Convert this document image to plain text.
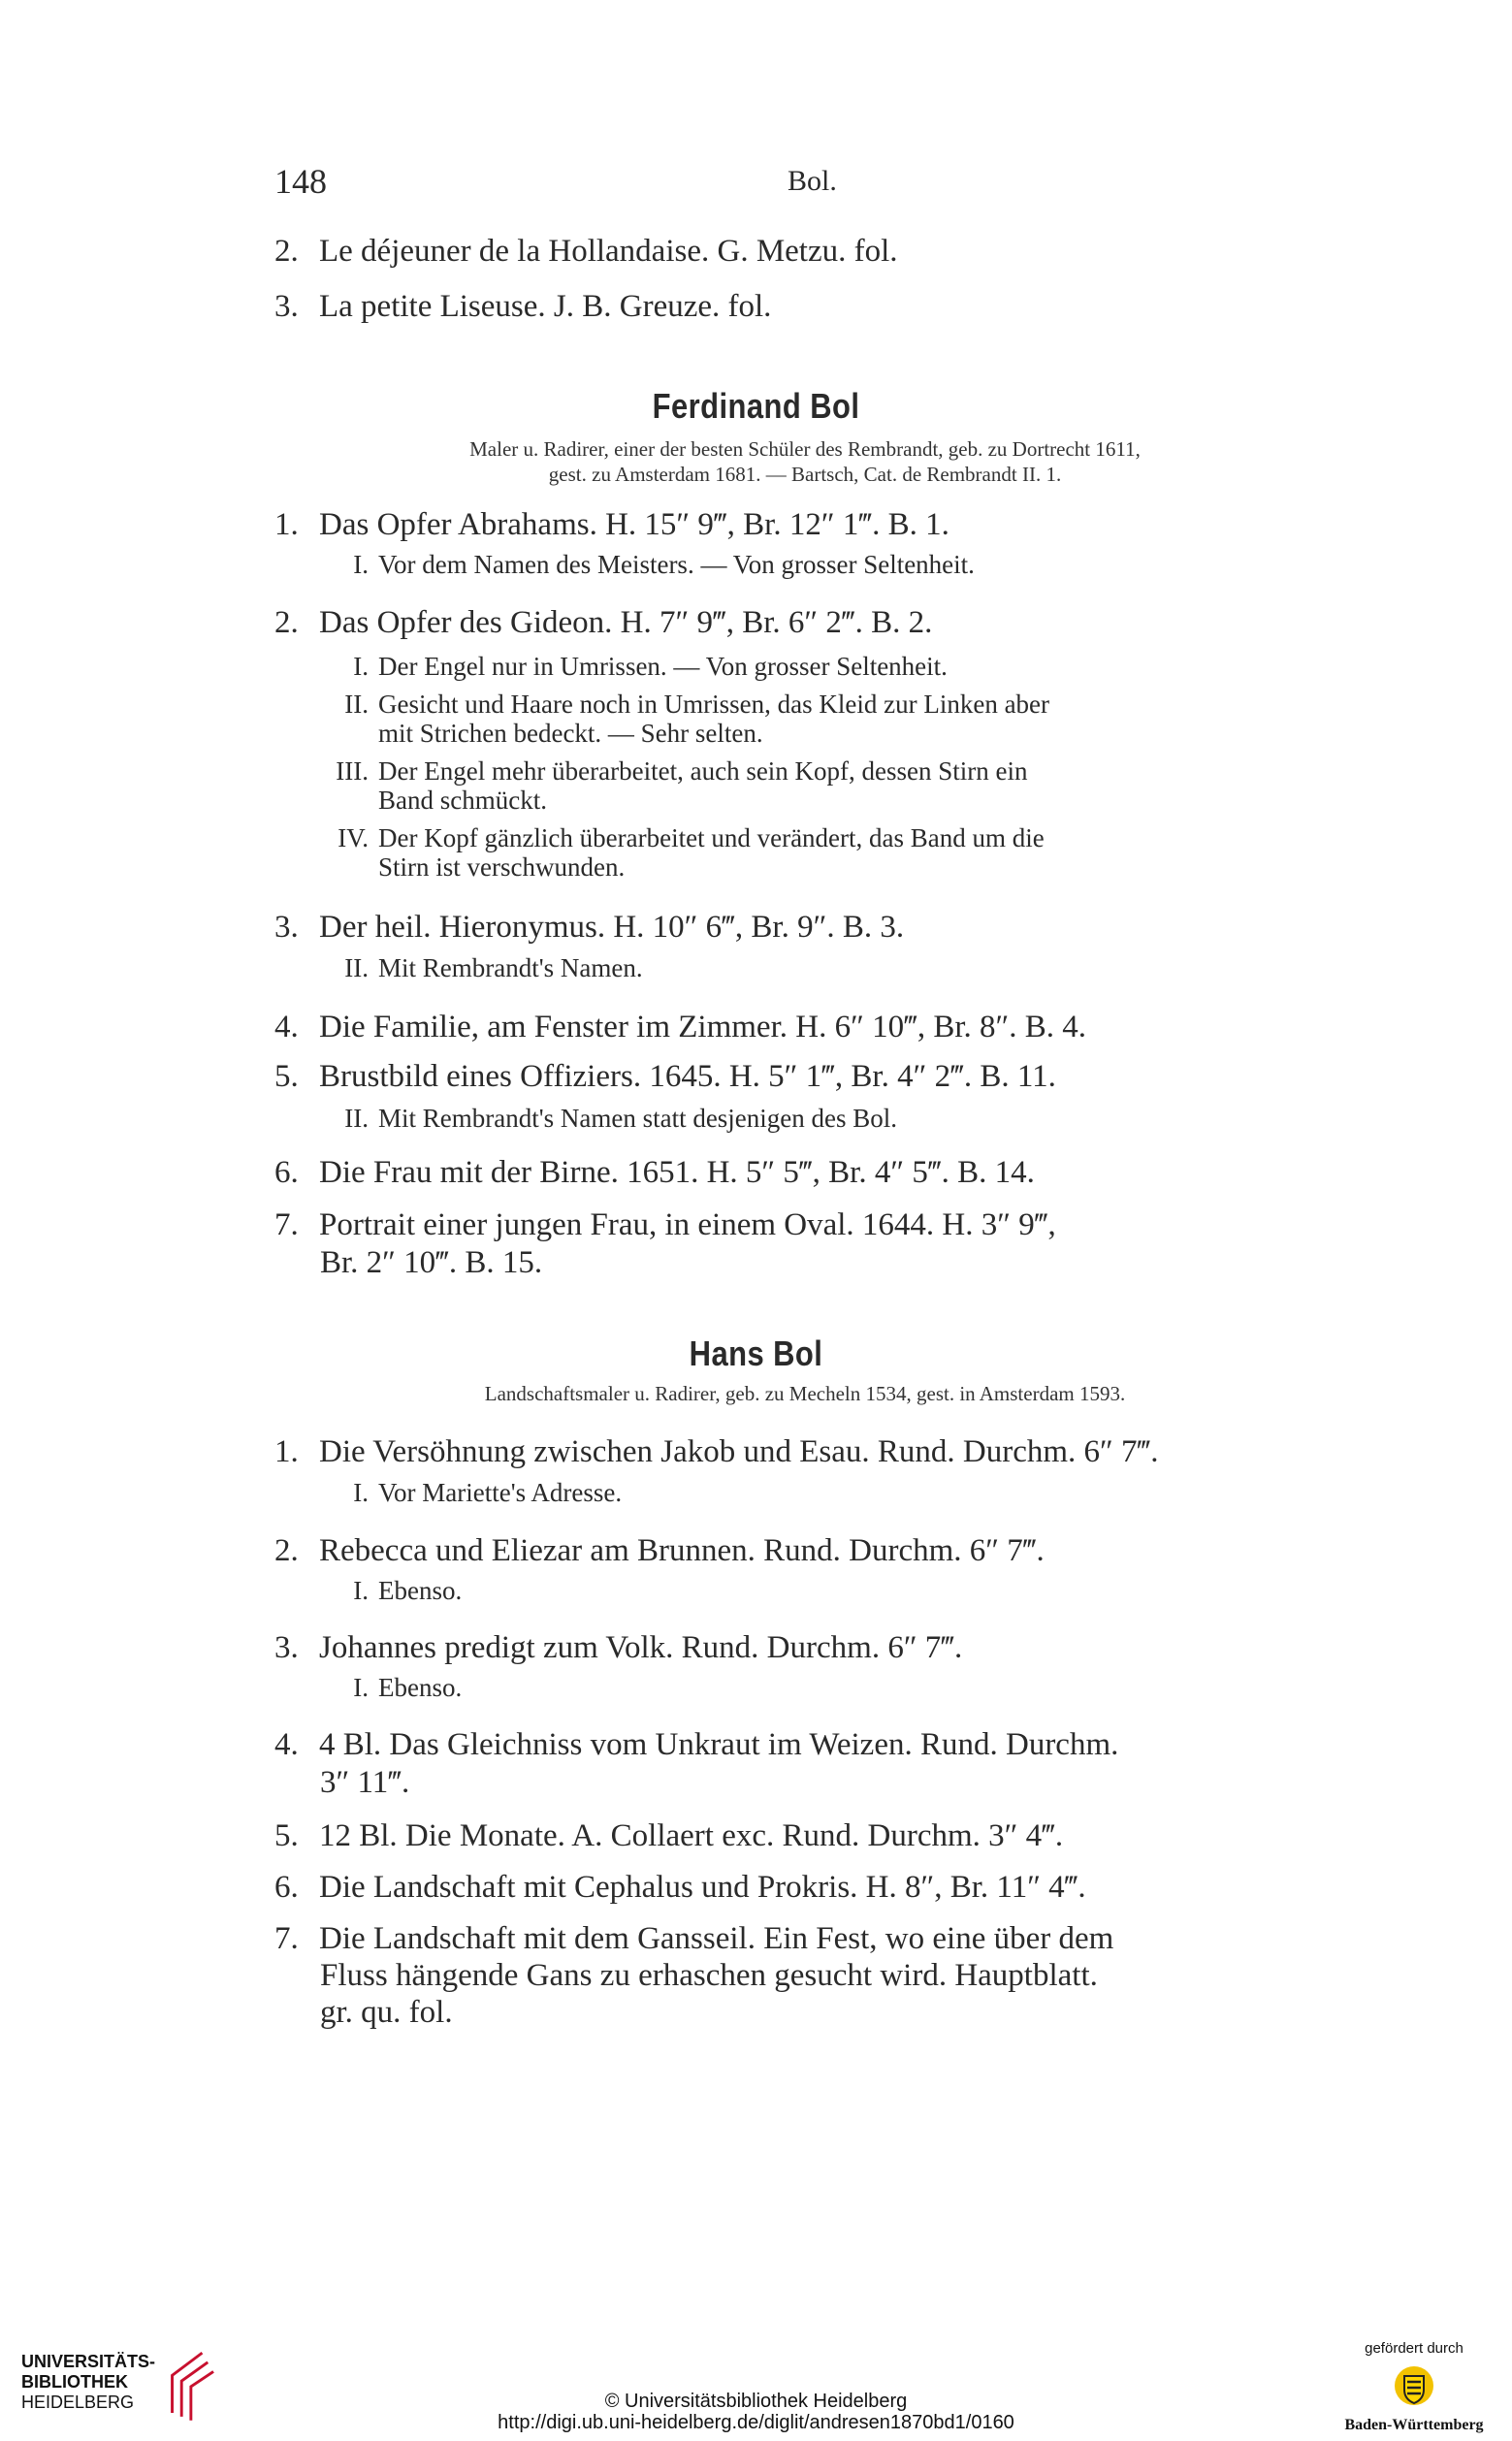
148	Bol.
2. Le déjeuner de la Hollandaise. G. Metzu. fol.
3. La petite Liseuse. J. B. Greuze. fol.
Ferdinand Bol
Maler u. Radirer, einer der besten Schüler des Rembrandt, geb. zu Dortrecht 1611,
gest. zu Amsterdam 1681. — Bartsch, Cat. de Rembrandt II. 1.
1. Das Opfer Abrahams. H. 15″ 9‴, Br. 12″ 1‴. B. 1.
I. Vor dem Namen des Meisters. — Von grosser Seltenheit.
2. Das Opfer des Gideon. H. 7″ 9‴, Br. 6″ 2‴. B. 2.
I. Der Engel nur in Umrissen. — Von grosser Seltenheit.
II. Gesicht und Haare noch in Umrissen, das Kleid zur Linken aber
mit Strichen bedeckt. — Sehr selten.
III. Der Engel mehr überarbeitet, auch sein Kopf, dessen Stirn ein
Band schmückt.
IV. Der Kopf gänzlich überarbeitet und verändert, das Band um die
Stirn ist verschwunden.
3. Der heil. Hieronymus. H. 10″ 6‴, Br. 9″. B. 3.
II. Mit Rembrandt's Namen.
4. Die Familie, am Fenster im Zimmer. H. 6″ 10‴, Br. 8″. B. 4.
5. Brustbild eines Offiziers. 1645. H. 5″ 1‴, Br. 4″ 2‴. B. 11.
II. Mit Rembrandt's Namen statt desjenigen des Bol.
6. Die Frau mit der Birne. 1651. H. 5″ 5‴, Br. 4″ 5‴. B. 14.
7. Portrait einer jungen Frau, in einem Oval. 1644. H. 3″ 9‴,
Br. 2″ 10‴. B. 15.
Hans Bol
Landschaftsmaler u. Radirer, geb. zu Mecheln 1534, gest. in Amsterdam 1593.
1. Die Versöhnung zwischen Jakob und Esau. Rund. Durchm. 6″ 7‴.
I. Vor Mariette's Adresse.
2. Rebecca und Eliezar am Brunnen. Rund. Durchm. 6″ 7‴.
I. Ebenso.
3. Johannes predigt zum Volk. Rund. Durchm. 6″ 7‴.
I. Ebenso.
4. 4 Bl. Das Gleichniss vom Unkraut im Weizen. Rund. Durchm.
3″ 11‴.
5. 12 Bl. Die Monate. A. Collaert exc. Rund. Durchm. 3″ 4‴.
6. Die Landschaft mit Cephalus und Prokris. H. 8″, Br. 11″ 4‴.
7. Die Landschaft mit dem Gansseil. Ein Fest, wo eine über dem
Fluss hängende Gans zu erhaschen gesucht wird. Hauptblatt.
gr. qu. fol.
UNIVERSITÄTS-
BIBLIOTHEK
HEIDELBERG	© Universitätsbibliothek Heidelberg
http://digi.ub.uni-heidelberg.de/diglit/andresen1870bd1/0160
gefördert durch
Baden-Württemberg
